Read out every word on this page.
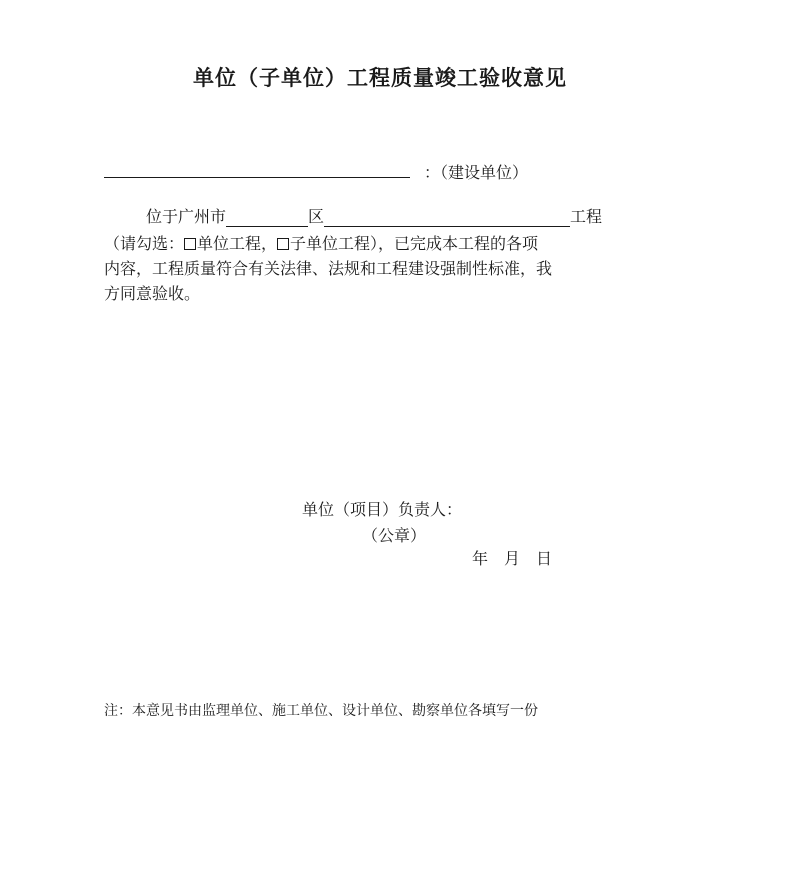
单位（子单位）工程质量竣工验收意见
：（建设单位）
位于广州市	区	工程
（请勾选： 单位工程， 子单位工程），已完成本工程的各项
内容，工程质量符合有关法律、法规和工程建设强制性标准，我
方同意验收。
单位（项目）负责人：
（公章）
年 月 日
注：本意见书由监理单位、施工单位、设计单位、勘察单位各填写一份
